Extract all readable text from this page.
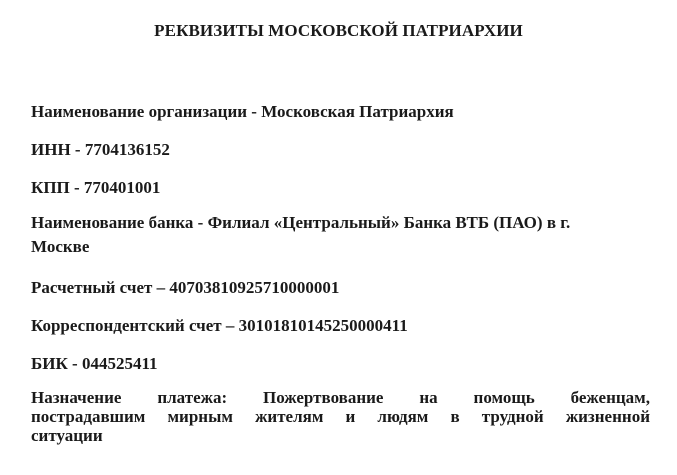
РЕКВИЗИТЫ МОСКОВСКОЙ ПАТРИАРХИИ
Наименование организации - Московская Патриархия
ИНН - 7704136152
КПП - 770401001
Наименование банка - Филиал «Центральный» Банка ВТБ (ПАО) в г.
Москве
Расчетный счет – 40703810925710000001
Корреспондентский счет – 30101810145250000411
БИК - 044525411
Назначение платежа: Пожертвование на помощь беженцам,
пострадавшим мирным жителям и людям в трудной жизненной
ситуации
